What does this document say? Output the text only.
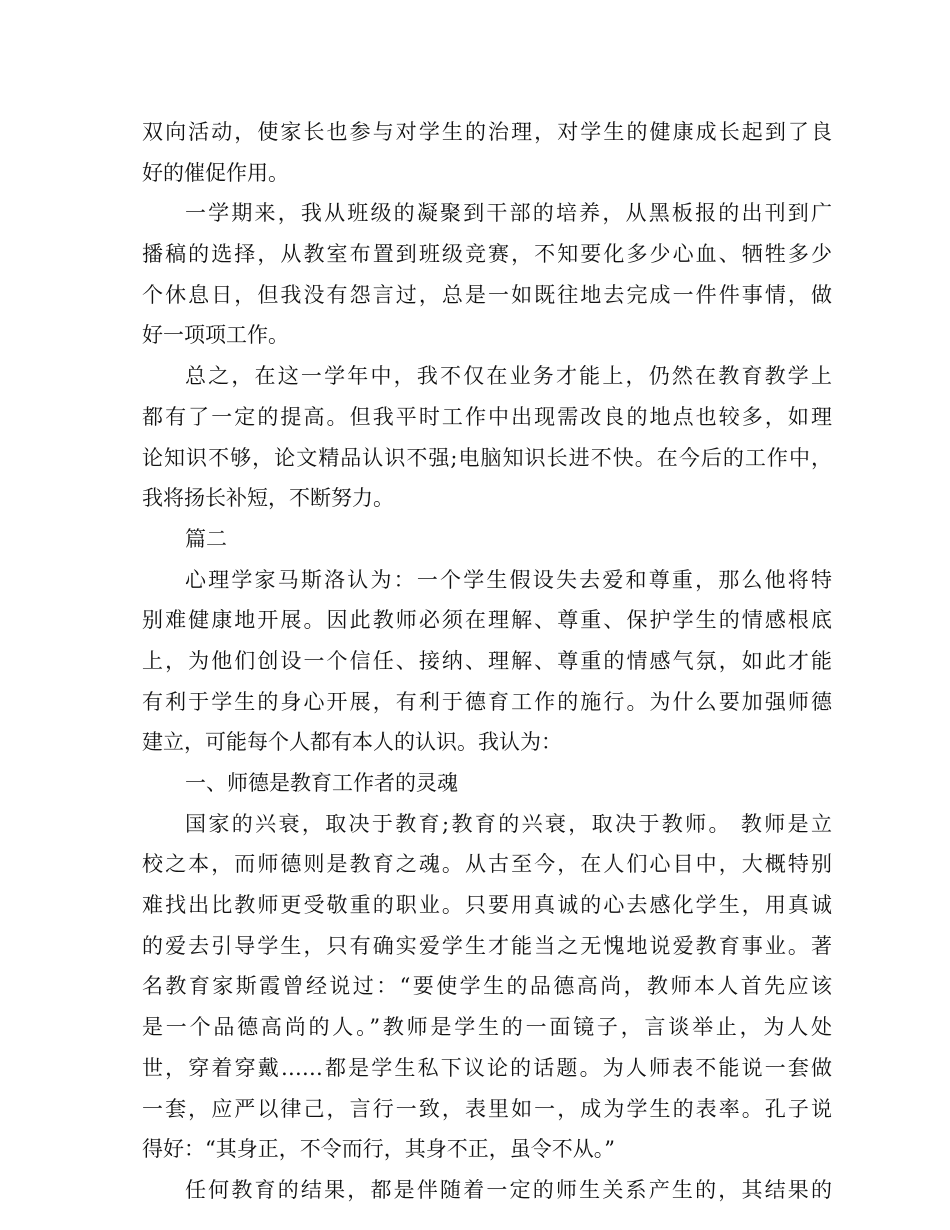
双向活动，使家长也参与对学生的治理，对学生的健康成长起到了良
好的催促作用。
一学期来，我从班级的凝聚到干部的培养，从黑板报的出刊到广
播稿的选择，从教室布置到班级竞赛，不知要化多少心血、牺牲多少
个休息日，但我没有怨言过，总是一如既往地去完成一件件事情，做
好一项项工作。
总之，在这一学年中，我不仅在业务才能上，仍然在教育教学上
都有了一定的提高。但我平时工作中出现需改良的地点也较多，如理
论知识不够，论文精品认识不强;电脑知识长进不快。在今后的工作中，
我将扬长补短，不断努力。
篇二
心理学家马斯洛认为：一个学生假设失去爱和尊重，那么他将特
别难健康地开展。因此教师必须在理解、尊重、保护学生的情感根底
上，为他们创设一个信任、接纳、理解、尊重的情感气氛，如此才能
有利于学生的身心开展，有利于德育工作的施行。为什么要加强师德
建立，可能每个人都有本人的认识。我认为：
一、师德是教育工作者的灵魂
国家的兴衰，取决于教育;教育的兴衰，取决于教师。 教师是立
校之本，而师德则是教育之魂。从古至今，在人们心目中，大概特别
难找出比教师更受敬重的职业。只要用真诚的心去感化学生，用真诚
的爱去引导学生，只有确实爱学生才能当之无愧地说爱教育事业。著
名教育家斯霞曾经说过：“要使学生的品德高尚，教师本人首先应该
是一个品德高尚的人。”教师是学生的一面镜子，言谈举止，为人处
世，穿着穿戴……都是学生私下议论的话题。为人师表不能说一套做
一套，应严以律己，言行一致，表里如一，成为学生的表率。孔子说
得好：“其身正，不令而行，其身不正，虽令不从。”
任何教育的结果，都是伴随着一定的师生关系产生的，其结果的
